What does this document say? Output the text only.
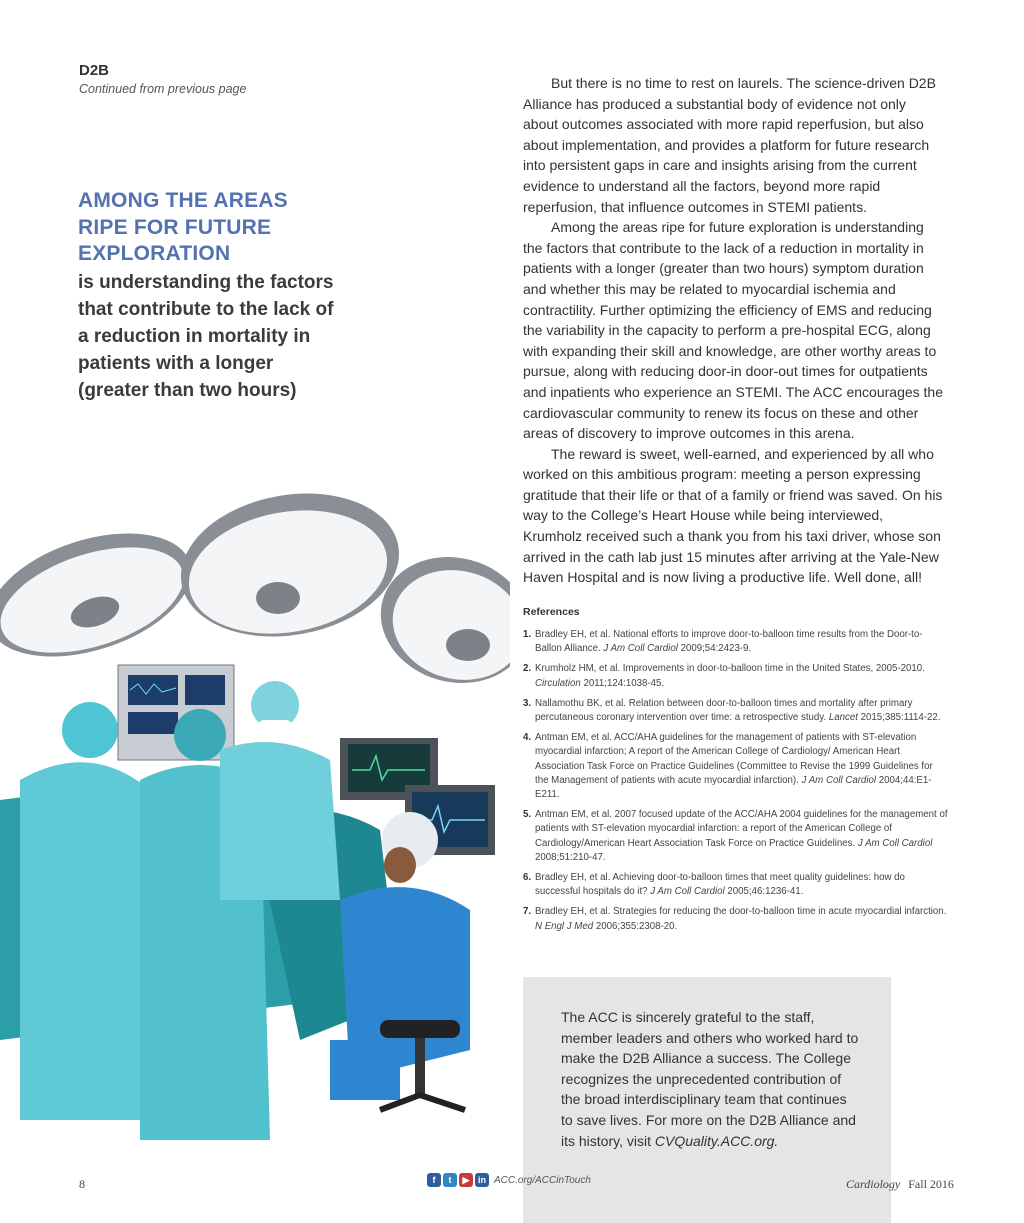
D2B
Continued from previous page
AMONG THE AREAS RIPE FOR FUTURE EXPLORATION
is understanding the factors that contribute to the lack of a reduction in mortality in patients with a longer (greater than two hours)

But there is no time to rest on laurels. The science-driven D2B Alliance has produced a substantial body of evidence not only about outcomes associated with more rapid reperfusion, but also about implementation, and provides a platform for future research into persistent gaps in care and insights arising from the current evidence to understand all the factors, beyond more rapid reperfusion, that influence outcomes in STEMI patients.

Among the areas ripe for future exploration is understanding the factors that contribute to the lack of a reduction in mortality in patients with a longer (greater than two hours) symptom duration and whether this may be related to myocardial ischemia and contractility. Further optimizing the efficiency of EMS and reducing the variability in the capacity to perform a pre-hospital ECG, along with expanding their skill and knowledge, are other worthy areas to pursue, along with reducing door-in door-out times for outpatients and inpatients who experience an STEMI. The ACC encourages the cardiovascular community to renew its focus on these and other areas of discovery to improve outcomes in this arena.

The reward is sweet, well-earned, and experienced by all who worked on this ambitious program: meeting a person expressing gratitude that their life or that of a family or friend was saved. On his way to the College’s Heart House while being interviewed, Krumholz received such a thank you from his taxi driver, whose son arrived in the cath lab just 15 minutes after arriving at the Yale-New Haven Hospital and is now living a productive life. Well done, all!

References
1. Bradley EH, et al. National efforts to improve door-to-balloon time results from the Door-to-Ballon Alliance. J Am Coll Cardiol 2009;54:2423-9.
2. Krumholz HM, et al. Improvements in door-to-balloon time in the United States, 2005-2010. Circulation 2011;124:1038-45.
3. Nallamothu BK, et al. Relation between door-to-balloon times and mortality after primary percutaneous coronary intervention over time: a retrospective study. Lancet 2015;385:1114-22.
4. Antman EM, et al. ACC/AHA guidelines for the management of patients with ST-elevation myocardial infarction; A report of the American College of Cardiology/ American Heart Association Task Force on Practice Guidelines (Committee to Revise the 1999 Guidelines for the Management of patients with acute myocardial infarction). J Am Coll Cardiol 2004;44:E1-E211.
5. Antman EM, et al. 2007 focused update of the ACC/AHA 2004 guidelines for the management of patients with ST-elevation myocardial infarction: a report of the American College of Cardiology/American Heart Association Task Force on Practice Guidelines. J Am Coll Cardiol 2008;51:210-47.
6. Bradley EH, et al. Achieving door-to-balloon times that meet quality guidelines: how do successful hospitals do it? J Am Coll Cardiol 2005;46:1236-41.
7. Bradley EH, et al. Strategies for reducing the door-to-balloon time in acute myocardial infarction. N Engl J Med 2006;355:2308-20.
The ACC is sincerely grateful to the staff, member leaders and others who worked hard to make the D2B Alliance a success. The College recognizes the unprecedented contribution of the broad interdisciplinary team that continues to save lives. For more on the D2B Alliance and its history, visit CVQuality.ACC.org.
8	f	t	▶ in ACC.org/ACCinTouch	Cardiology Fall 2016
